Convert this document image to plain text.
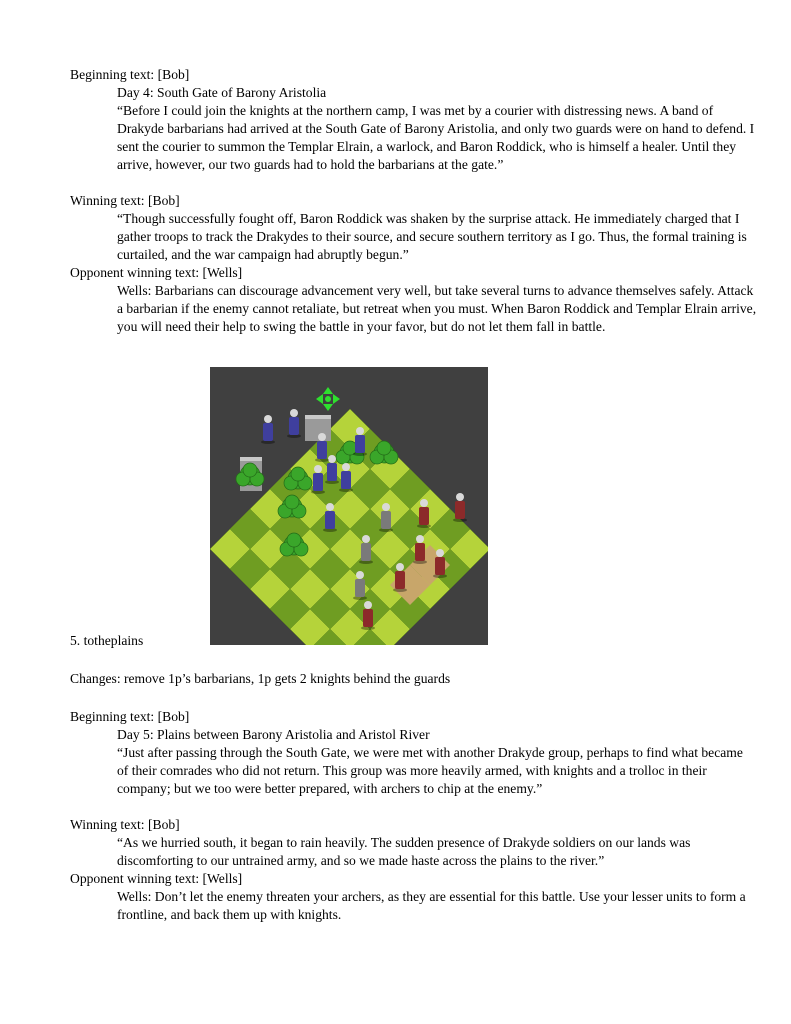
Beginning text: [Bob]
Day 4: South Gate of Barony Aristolia

“Before I could join the knights at the northern camp, I was met by a courier with distressing news. A band of Drakyde barbarians had arrived at the South Gate of Barony Aristolia, and only two guards were on hand to defend. I sent the courier to summon the Templar Elrain, a warlock, and Baron Roddick, who is himself a healer. Until they arrive, however, our two guards had to hold the barbarians at the gate.”

Winning text: [Bob]

“Though successfully fought off, Baron Roddick was shaken by the surprise attack. He immediately charged that I gather troops to track the Drakydes to their source, and secure southern territory as I go. Thus, the formal training is curtailed, and the war campaign had abruptly begun.”

Opponent winning text: [Wells]

Wells: Barbarians can discourage advancement very well, but take several turns to advance themselves safely. Attack a barbarian if the enemy cannot retaliate, but retreat when you must. When Baron Roddick and Templar Elrain arrive, you will need their help to swing the battle in your favor, but do not let them fall in battle.

5. totheplains
Changes: remove 1p’s barbarians, 1p gets 2 knights behind the guards
Beginning text: [Bob]
Day 5: Plains between Barony Aristolia and Aristol River

“Just after passing through the South Gate, we were met with another Drakyde group, perhaps to find what became of their comrades who did not return. This group was more heavily armed, with knights and a trolloc in their company; but we too were better prepared, with archers to chip at the enemy.”

Winning text: [Bob]

“As we hurried south, it began to rain heavily. The sudden presence of Drakyde soldiers on our lands was discomforting to our untrained army, and so we made haste across the plains to the river.”

Opponent winning text: [Wells]

Wells: Don’t let the enemy threaten your archers, as they are essential for this battle. Use your lesser units to form a frontline, and back them up with knights.
